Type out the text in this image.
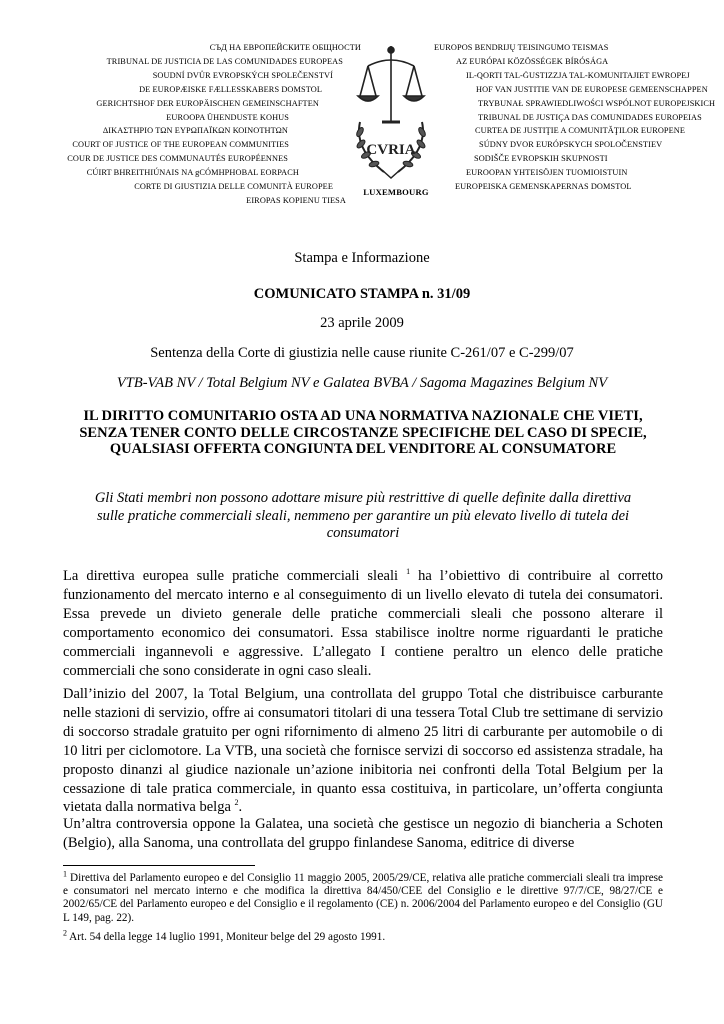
СЪД НА ЕВРОПЕЙСКИТЕ ОБЩНОСТИ
TRIBUNAL DE JUSTICIA DE LAS COMUNIDADES EUROPEAS
SOUDNÍ DVŮR EVROPSKÝCH SPOLEČENSTVÍ
DE EUROPÆISKE FÆLLESSKABERS DOMSTOL
GERICHTSHOF DER EUROPÄISCHEN GEMEINSCHAFTEN
EUROOPA ÜHENDUSTE KOHUS
ΔΙΚΑΣΤΗΡΙΟ ΤΩΝ ΕΥΡΩΠΑΪΚΩΝ ΚΟΙΝΟΤΗΤΩΝ
COURT OF JUSTICE OF THE EUROPEAN COMMUNITIES
COUR DE JUSTICE DES COMMUNAUTÉS EUROPÉENNES
CÚIRT BHREITHIÚNAIS NA gCÓMHPHOBAL EORPACH
CORTE DI GIUSTIZIA DELLE COMUNITÀ EUROPEE
EIROPAS KOPIENU TIESA
CVRIA
LUXEMBOURG
EUROPOS BENDRIJŲ TEISINGUMO TEISMAS
AZ EURÓPAI KÖZÖSSÉGEK BÍRÓSÁGA
IL-QORTI TAL-ĠUSTIZZJA TAL-KOMUNITAJIET EWROPEJ
HOF VAN JUSTITIE VAN DE EUROPESE GEMEENSCHAPPEN
TRYBUNAŁ SPRAWIEDLIWOŚCI WSPÓLNOT EUROPEJSKICH
TRIBUNAL DE JUSTIÇA DAS COMUNIDADES EUROPEIAS
CURTEA DE JUSTIŢIE A COMUNITĂŢILOR EUROPENE
SÚDNY DVOR EURÓPSKYCH SPOLOČENSTIEV
SODIŠČE EVROPSKIH SKUPNOSTI
EUROOPAN YHTEISÖJEN TUOMIOISTUIN
EUROPEISKA GEMENSKAPERNAS DOMSTOL
Stampa e Informazione
COMUNICATO STAMPA n. 31/09
23 aprile 2009
Sentenza della Corte di giustizia nelle cause riunite C-261/07 e C-299/07
VTB-VAB NV / Total Belgium NV e Galatea BVBA / Sagoma Magazines Belgium NV
IL DIRITTO COMUNITARIO OSTA AD UNA NORMATIVA NAZIONALE CHE VIETI, SENZA TENER CONTO DELLE CIRCOSTANZE SPECIFICHE DEL CASO DI SPECIE, QUALSIASI OFFERTA CONGIUNTA DEL VENDITORE AL CONSUMATORE
Gli Stati membri non possono adottare misure più restrittive di quelle definite dalla direttiva sulle pratiche commerciali sleali, nemmeno per garantire un più elevato livello di tutela dei consumatori
La direttiva europea sulle pratiche commerciali sleali $^1$ ha l’obiettivo di contribuire al corretto funzionamento del mercato interno e al conseguimento di un livello elevato di tutela dei consumatori. Essa prevede un divieto generale delle pratiche commerciali sleali che possono alterare il comportamento economico dei consumatori. Essa stabilisce inoltre norme riguardanti le pratiche commerciali ingannevoli e aggressive. L’allegato I contiene peraltro un elenco delle pratiche commerciali che sono considerate in ogni caso sleali.
Dall’inizio del 2007, la Total Belgium, una controllata del gruppo Total che distribuisce carburante nelle stazioni di servizio, offre ai consumatori titolari di una tessera Total Club tre settimane di servizio di soccorso stradale gratuito per ogni rifornimento di almeno 25 litri di carburante per automobile o di 10 litri per ciclomotore. La VTB, una società che fornisce servizi di soccorso ed assistenza stradale, ha proposto dinanzi al giudice nazionale un’azione inibitoria nei confronti della Total Belgium per la cessazione di tale pratica commerciale, in quanto essa costituiva, in particolare, un’offerta congiunta vietata dalla normativa belga $^2$.
Un’altra controversia oppone la Galatea, una società che gestisce un negozio di biancheria a Schoten (Belgio), alla Sanoma, una controllata del gruppo finlandese Sanoma, editrice di diverse
$^1$ Direttiva del Parlamento europeo e del Consiglio 11 maggio 2005, 2005/29/CE, relativa alle pratiche commerciali sleali tra imprese e consumatori nel mercato interno e che modifica la direttiva 84/450/CEE del Consiglio e le direttive 97/7/CE, 98/27/CE e 2002/65/CE del Parlamento europeo e del Consiglio e il regolamento (CE) n. 2006/2004 del Parlamento europeo e del Consiglio (GU L 149, pag. 22).
$^2$ Art. 54 della legge 14 luglio 1991, Moniteur belge del 29 agosto 1991.
